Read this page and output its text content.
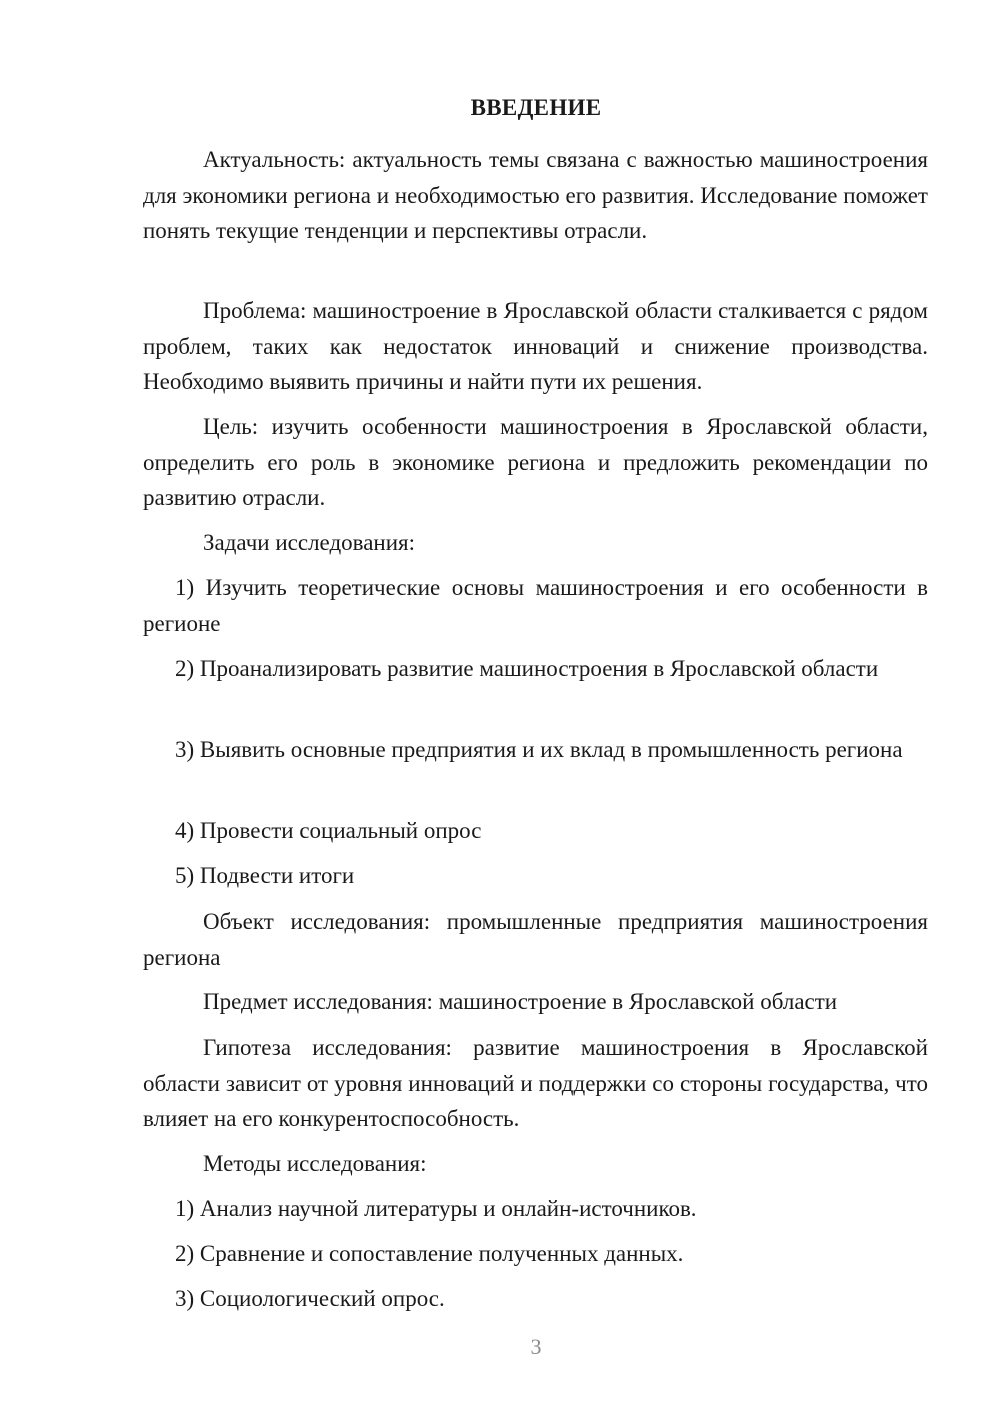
ВВЕДЕНИЕ

Актуальность: актуальность темы связана с важностью машиностроения для экономики региона и необходимостью его развития. Исследование поможет понять текущие тенденции и перспективы отрасли.

Проблема: машиностроение в Ярославской области сталкивается с рядом проблем, таких как недостаток инноваций и снижение производства. Необходимо выявить причины и найти пути их решения.

Цель: изучить особенности машиностроения в Ярославской области, определить его роль в экономике региона и предложить рекомендации по развитию отрасли.

Задачи исследования:

1) Изучить теоретические основы машиностроения и его особенности в регионе

2) Проанализировать развитие машиностроения в Ярославской области

3) Выявить основные предприятия и их вклад в промышленность региона

4) Провести социальный опрос

5) Подвести итоги

Объект исследования: промышленные предприятия машиностроения региона

Предмет исследования: машиностроение в Ярославской области

Гипотеза исследования: развитие машиностроения в Ярославской области зависит от уровня инноваций и поддержки со стороны государства, что влияет на его конкурентоспособность.

Методы исследования:

1) Анализ научной литературы и онлайн-источников.

2) Сравнение и сопоставление полученных данных.

3) Социологический опрос.

3
